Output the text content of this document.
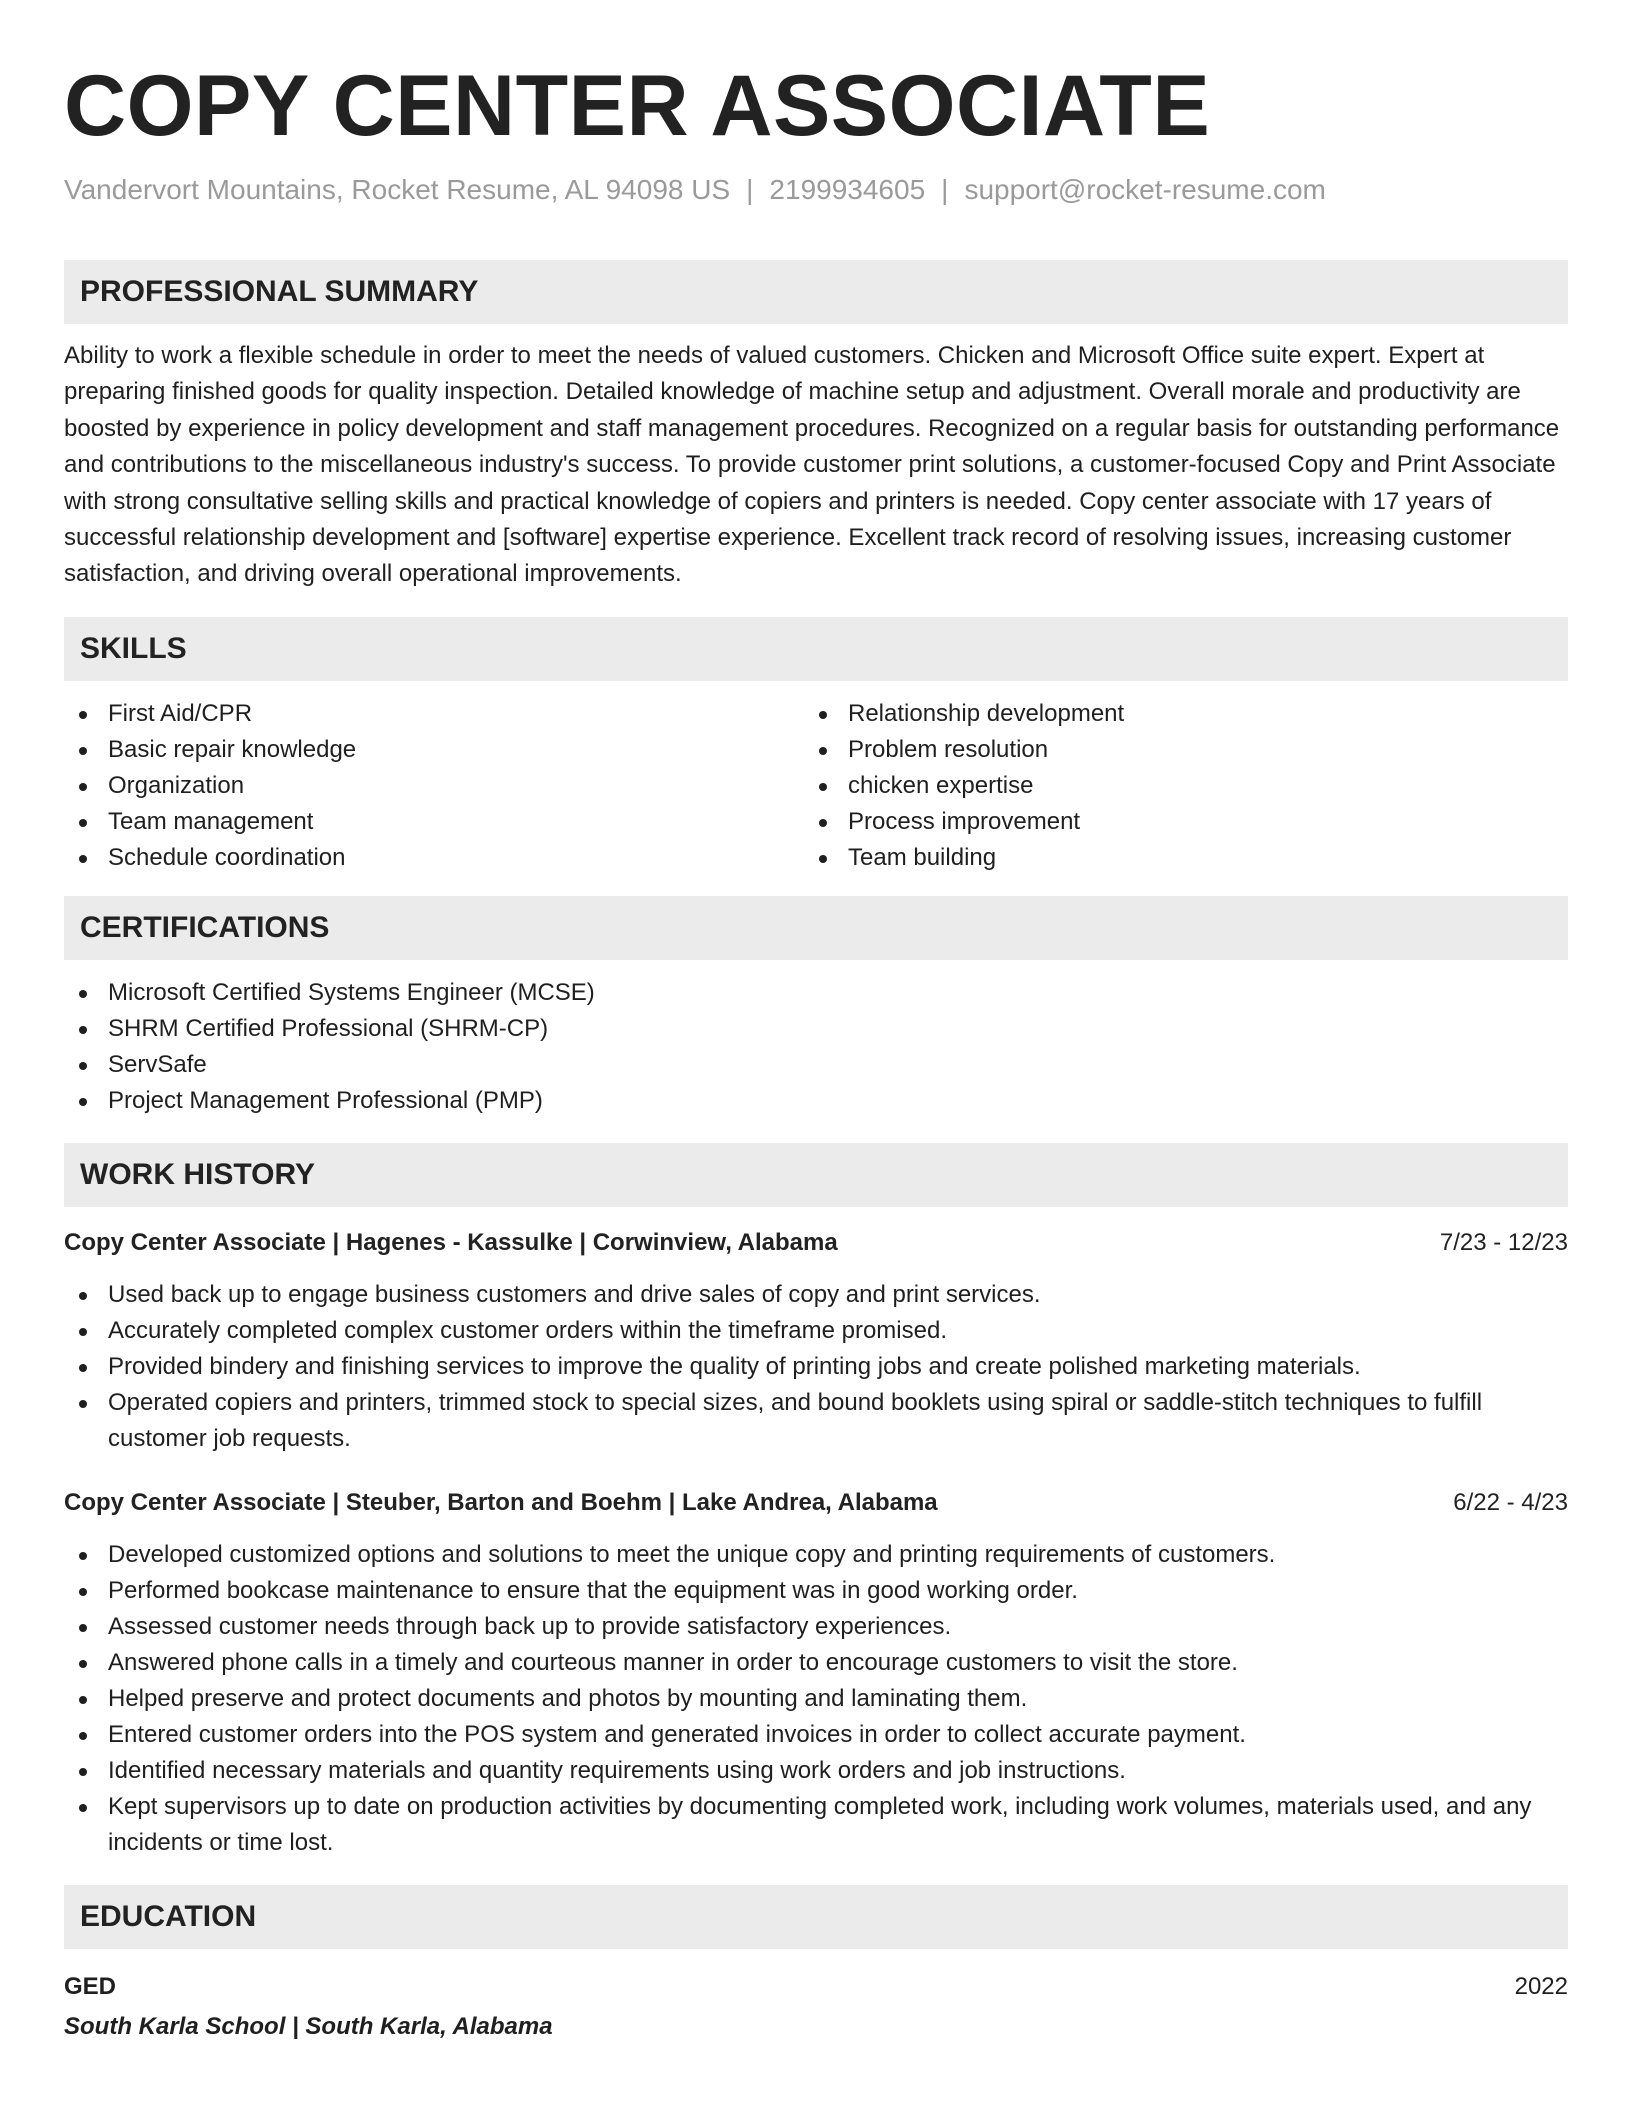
COPY CENTER ASSOCIATE
Vandervort Mountains, Rocket Resume, AL 94098 US | 2199934605 | support@rocket-resume.com
PROFESSIONAL SUMMARY

Ability to work a flexible schedule in order to meet the needs of valued customers. Chicken and Microsoft Office suite expert. Expert at preparing finished goods for quality inspection. Detailed knowledge of machine setup and adjustment. Overall morale and productivity are boosted by experience in policy development and staff management procedures. Recognized on a regular basis for outstanding performance and contributions to the miscellaneous industry's success. To provide customer print solutions, a customer-focused Copy and Print Associate with strong consultative selling skills and practical knowledge of copiers and printers is needed. Copy center associate with 17 years of successful relationship development and [software] expertise experience. Excellent track record of resolving issues, increasing customer satisfaction, and driving overall operational improvements.

SKILLS
First Aid/CPR
Basic repair knowledge
Organization
Team management
Schedule coordination
Relationship development
Problem resolution
chicken expertise
Process improvement
Team building
CERTIFICATIONS
Microsoft Certified Systems Engineer (MCSE)
SHRM Certified Professional (SHRM-CP)
ServSafe
Project Management Professional (PMP)
WORK HISTORY
Copy Center Associate | Hagenes - Kassulke | Corwinview, Alabama	7/23 - 12/23
Used back up to engage business customers and drive sales of copy and print services.
Accurately completed complex customer orders within the timeframe promised.
Provided bindery and finishing services to improve the quality of printing jobs and create polished marketing materials.
Operated copiers and printers, trimmed stock to special sizes, and bound booklets using spiral or saddle-stitch techniques to fulfill customer job requests.
Copy Center Associate | Steuber, Barton and Boehm | Lake Andrea, Alabama	6/22 - 4/23
Developed customized options and solutions to meet the unique copy and printing requirements of customers.
Performed bookcase maintenance to ensure that the equipment was in good working order.
Assessed customer needs through back up to provide satisfactory experiences.
Answered phone calls in a timely and courteous manner in order to encourage customers to visit the store.
Helped preserve and protect documents and photos by mounting and laminating them.
Entered customer orders into the POS system and generated invoices in order to collect accurate payment.
Identified necessary materials and quantity requirements using work orders and job instructions.
Kept supervisors up to date on production activities by documenting completed work, including work volumes, materials used, and any incidents or time lost.
EDUCATION
GED	2022
South Karla School | South Karla, Alabama
